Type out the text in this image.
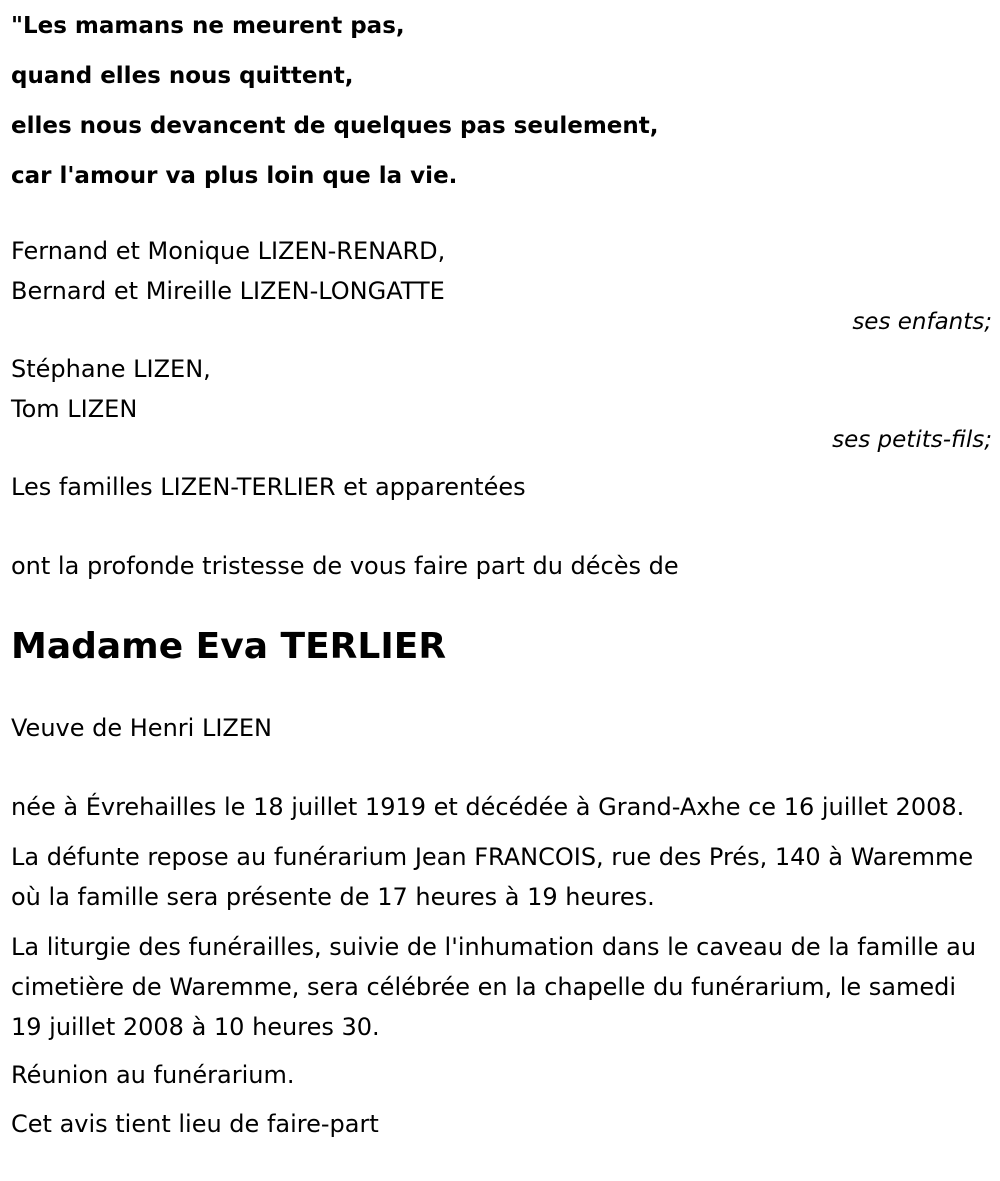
"Les mamans ne meurent pas,

quand elles nous quittent,

elles nous devancent de quelques pas seulement,

car l'amour va plus loin que la vie.

Fernand et Monique LIZEN-RENARD,

Bernard et Mireille LIZEN-LONGATTE

ses enfants;

Stéphane LIZEN,

Tom LIZEN

ses petits-fils;

Les familles LIZEN-TERLIER et apparentées

ont la profonde tristesse de vous faire part du décès de

Madame Eva TERLIER

Veuve de Henri LIZEN

née à Évrehailles le 18 juillet 1919 et décédée à Grand-Axhe ce 16 juillet 2008.

La défunte repose au funérarium Jean FRANCOIS, rue des Prés, 140 à Waremme où la famille sera présente de 17 heures à 19 heures.

La liturgie des funérailles, suivie de l'inhumation dans le caveau de la famille au cimetière de Waremme, sera célébrée en la chapelle du funérarium, le samedi 19 juillet 2008 à 10 heures 30.

Réunion au funérarium.

Cet avis tient lieu de faire-part
